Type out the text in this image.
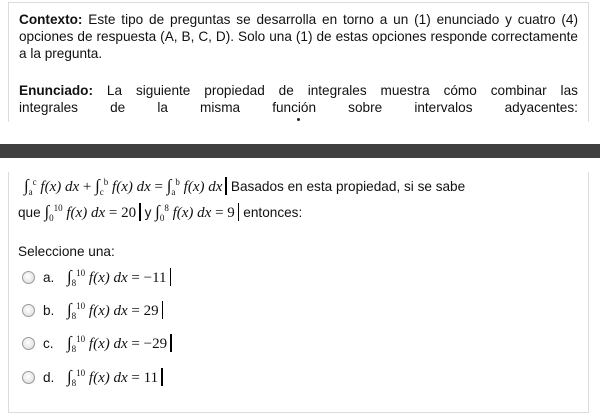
Contexto: Este tipo de preguntas se desarrolla en torno a un (1) enunciado y cuatro (4) opciones de respuesta (A, B, C, D). Solo una (1) de estas opciones responde correctamente a la pregunta.

Enunciado: La siguiente propiedad de integrales muestra cómo combinar las
integrales de la misma función sobre intervalos adyacentes:
$\int_a^c$ f(x) dx + $\int_c^b$ f(x) dx = $\int_a^b$ f(x) dx Basados en esta propiedad, si se sabe
que $\int_0^{10}$ f(x) dx = 20 y $\int_0^8$ f(x) dx = 9 entonces:
Seleccione una:
a. $\int_8^{10}$ f(x) dx = −11
b. $\int_8^{10}$ f(x) dx = 29
c. $\int_8^{10}$ f(x) dx = −29
d. $\int_8^{10}$ f(x) dx = 11
